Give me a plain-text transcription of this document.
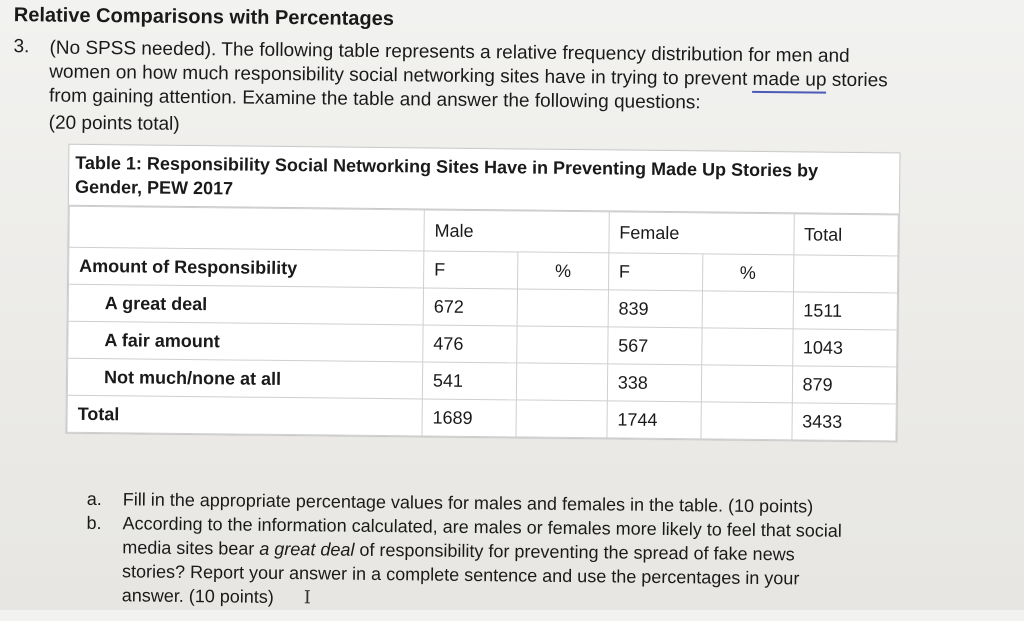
Relative Comparisons with Percentages
3. (No SPSS needed). The following table represents a relative frequency distribution for men and
women on how much responsibility social networking sites have in trying to prevent made up stories
from gaining attention. Examine the table and answer the following questions:
(20 points total)
Table 1: Responsibility Social Networking Sites Have in Preventing Made Up Stories by
Gender, PEW 2017
	Male		Female		Total
Amount of Responsibility	F	%	F	%	
A great deal	672		839		1511
A fair amount	476		567		1043
Not much/none at all	541		338		879
Total	1689		1744		3433
a. Fill in the appropriate percentage values for males and females in the table. (10 points)
b. According to the information calculated, are males or females more likely to feel that social
media sites bear a great deal of responsibility for preventing the spread of fake news
stories? Report your answer in a complete sentence and use the percentages in your
answer. (10 points) I
